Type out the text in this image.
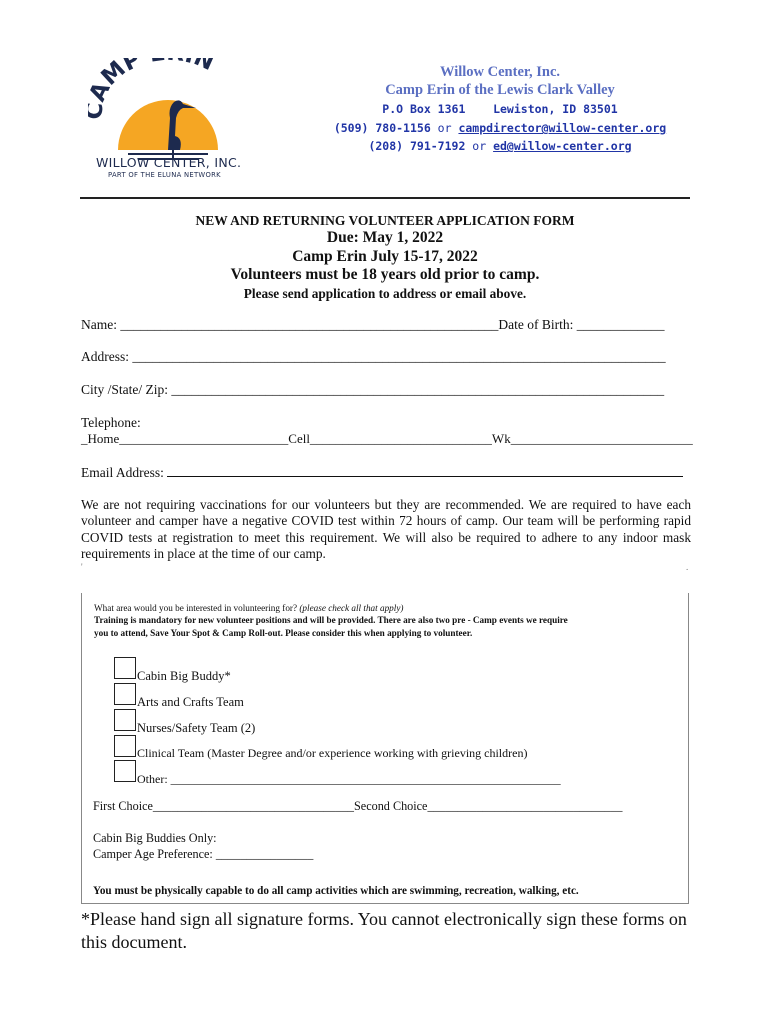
MP N
WILLOW CENTER, INC.
PART OF THE ELUNA NETWORK
Willow Center, Inc.
Camp Erin of the Lewis Clark Valley
P.O Box 1361    Lewiston, ID 83501
(509) 780-1156 or campdirector@willow-center.org
(208) 791-7192 or ed@willow-center.org
NEW AND RETURNING VOLUNTEER APPLICATION FORM
Due: May 1, 2022
Camp Erin July 15-17, 2022
Volunteers must be 18 years old prior to camp.
Please send application to address or email above.
Name: ________________________________________________________Date of Birth: _____________
Address: _______________________________________________________________________________
City /State/ Zip: _________________________________________________________________________
Telephone:
_Home__________________________Cell____________________________Wk____________________________
Email Address:
We are not requiring vaccinations for our volunteers but they are recommended. We are required to have each volunteer and camper have a negative COVID test within 72 hours of camp. Our team will be performing rapid COVID tests at registration to meet this requirement. We will also be required to adhere to any indoor mask requirements in place at the time of our camp.
'	.
What area would you be interested in volunteering for? (please check all that apply)
Training is mandatory for new volunteer positions and will be provided. There are also two pre - Camp events we require
you to attend, Save Your Spot & Camp Roll-out. Please consider this when applying to volunteer.
Cabin Big Buddy*
Arts and Crafts Team
Nurses/Safety Team (2)
Clinical Team (Master Degree and/or experience working with grieving children)
Other: _________________________________________________________________
First Choice_________________________________Second Choice________________________________
Cabin Big Buddies Only:
Camper Age Preference: ________________
You must be physically capable to do all camp activities which are swimming, recreation, walking, etc.
*Please hand sign all signature forms. You cannot electronically sign these forms on this document.
